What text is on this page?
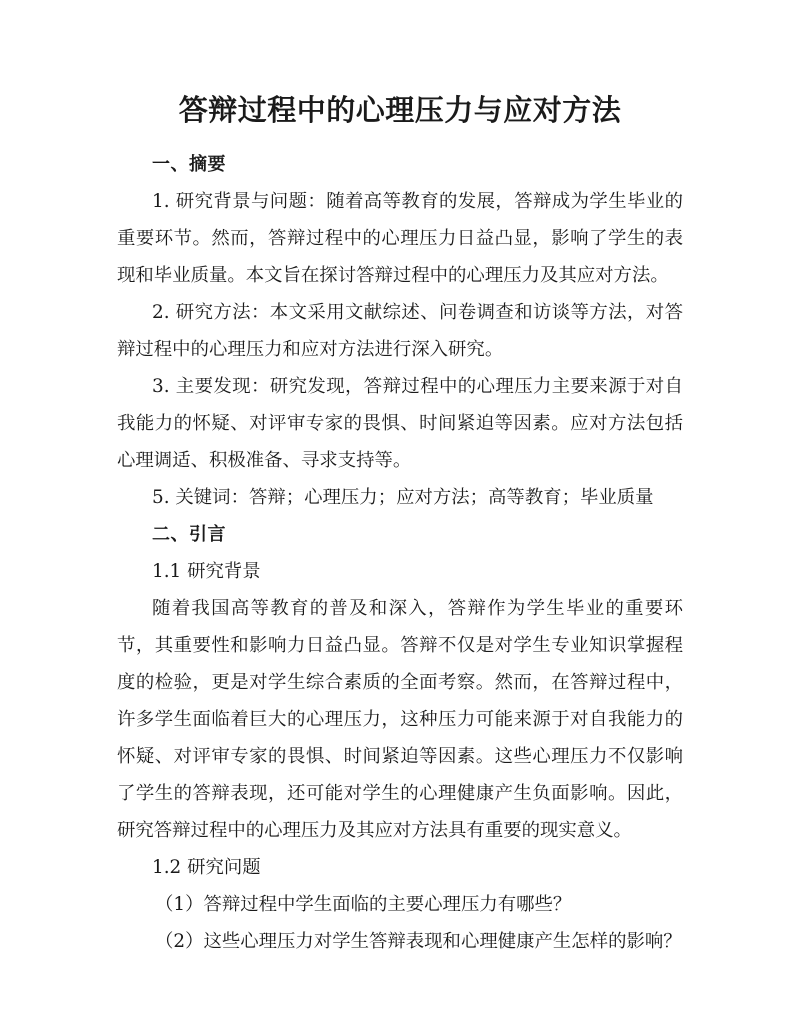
答辩过程中的心理压力与应对方法
一、摘要

1. 研究背景与问题：随着高等教育的发展，答辩成为学生毕业的重要环节。然而，答辩过程中的心理压力日益凸显，影响了学生的表现和毕业质量。本文旨在探讨答辩过程中的心理压力及其应对方法。

2. 研究方法：本文采用文献综述、问卷调查和访谈等方法，对答辩过程中的心理压力和应对方法进行深入研究。

3. 主要发现：研究发现，答辩过程中的心理压力主要来源于对自我能力的怀疑、对评审专家的畏惧、时间紧迫等因素。应对方法包括心理调适、积极准备、寻求支持等。

5. 关键词：答辩；心理压力；应对方法；高等教育；毕业质量

二、引言

1.1 研究背景

随着我国高等教育的普及和深入，答辩作为学生毕业的重要环节，其重要性和影响力日益凸显。答辩不仅是对学生专业知识掌握程度的检验，更是对学生综合素质的全面考察。然而，在答辩过程中，许多学生面临着巨大的心理压力，这种压力可能来源于对自我能力的怀疑、对评审专家的畏惧、时间紧迫等因素。这些心理压力不仅影响了学生的答辩表现，还可能对学生的心理健康产生负面影响。因此，研究答辩过程中的心理压力及其应对方法具有重要的现实意义。

1.2 研究问题

（1）答辩过程中学生面临的主要心理压力有哪些？

（2）这些心理压力对学生答辩表现和心理健康产生怎样的影响？
